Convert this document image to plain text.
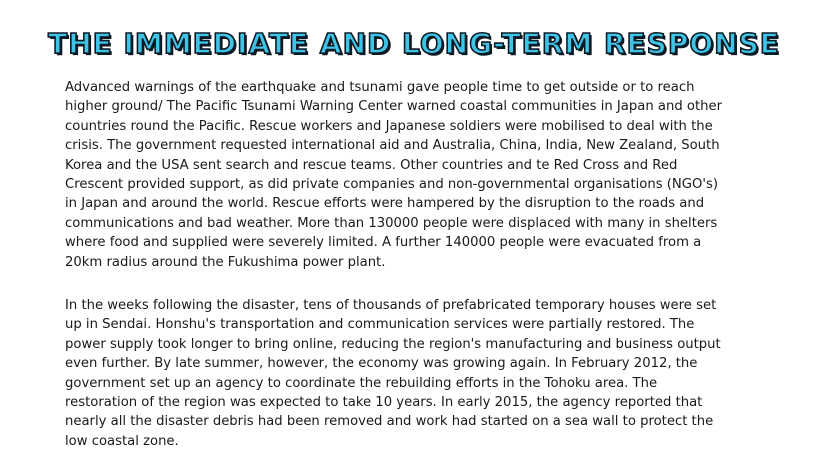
THE IMMEDIATE AND LONG-TERM RESPONSE

Advanced warnings of the earthquake and tsunami gave people time to get outside or to reach
higher ground/ The Pacific Tsunami Warning Center warned coastal communities in Japan and other
countries round the Pacific. Rescue workers and Japanese soldiers were mobilised to deal with the
crisis. The government requested international aid and Australia, China, India, New Zealand, South
Korea and the USA sent search and rescue teams. Other countries and te Red Cross and Red
Crescent provided support, as did private companies and non-governmental organisations (NGO's)
in Japan and around the world. Rescue efforts were hampered by the disruption to the roads and
communications and bad weather. More than 130000 people were displaced with many in shelters
where food and supplied were severely limited. A further 140000 people were evacuated from a
20km radius around the Fukushima power plant.

In the weeks following the disaster, tens of thousands of prefabricated temporary houses were set
up in Sendai. Honshu's transportation and communication services were partially restored. The
power supply took longer to bring online, reducing the region's manufacturing and business output
even further. By late summer, however, the economy was growing again. In February 2012, the
government set up an agency to coordinate the rebuilding efforts in the Tohoku area. The
restoration of the region was expected to take 10 years. In early 2015, the agency reported that
nearly all the disaster debris had been removed and work had started on a sea wall to protect the
low coastal zone.
